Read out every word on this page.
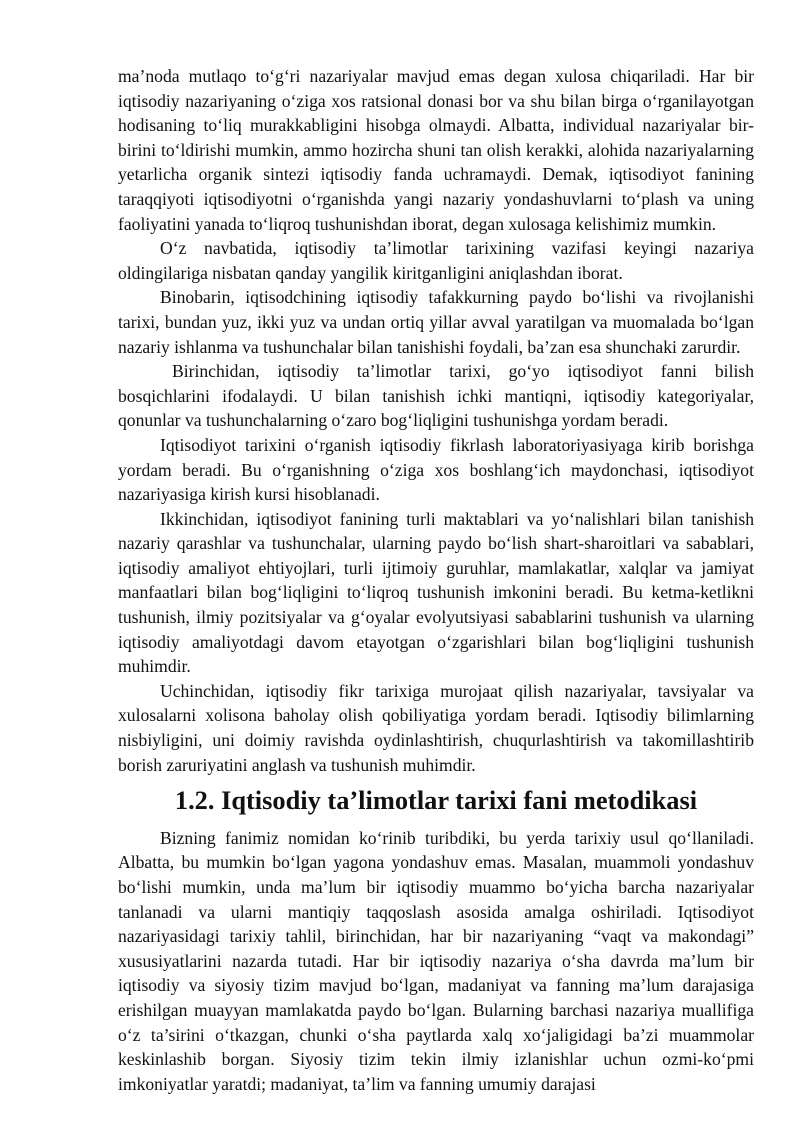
ma’noda mutlaqo to‘g‘ri nazariyalar mavjud emas degan xulosa chiqariladi. Har bir iqtisodiy nazariyaning o‘ziga xos ratsional donasi bor va shu bilan birga o‘rganilayotgan hodisaning to‘liq murakkabligini hisobga olmaydi. Albatta, individual nazariyalar bir-birini to‘ldirishi mumkin, ammo hozircha shuni tan olish kerakki, alohida nazariyalarning yetarlicha organik sintezi iqtisodiy fanda uchramaydi. Demak, iqtisodiyot fanining taraqqiyoti iqtisodiyotni o‘rganishda yangi nazariy yondashuvlarni to‘plash va uning faoliyatini yanada to‘liqroq tushunishdan iborat, degan xulosaga kelishimiz mumkin.

O‘z navbatida, iqtisodiy ta’limotlar tarixining vazifasi keyingi nazariya oldingilariga nisbatan qanday yangilik kiritganligini aniqlashdan iborat.

Binobarin, iqtisodchining iqtisodiy tafakkurning paydo bo‘lishi va rivojlanishi tarixi, bundan yuz, ikki yuz va undan ortiq yillar avval yaratilgan va muomalada bo‘lgan nazariy ishlanma va tushunchalar bilan tanishishi foydali, ba’zan esa shunchaki zarurdir.

Birinchidan, iqtisodiy ta’limotlar tarixi, go‘yo iqtisodiyot fanni bilish bosqichlarini ifodalaydi. U bilan tanishish ichki mantiqni, iqtisodiy kategoriyalar, qonunlar va tushunchalarning o‘zaro bog‘liqligini tushunishga yordam beradi.

Iqtisodiyot tarixini o‘rganish iqtisodiy fikrlash laboratoriyasiyaga kirib borishga yordam beradi. Bu o‘rganishning o‘ziga xos boshlang‘ich maydonchasi, iqtisodiyot nazariyasiga kirish kursi hisoblanadi.

Ikkinchidan, iqtisodiyot fanining turli maktablari va yo‘nalishlari bilan tanishish nazariy qarashlar va tushunchalar, ularning paydo bo‘lish shart-sharoitlari va sabablari, iqtisodiy amaliyot ehtiyojlari, turli ijtimoiy guruhlar, mamlakatlar, xalqlar va jamiyat manfaatlari bilan bog‘liqligini to‘liqroq tushunish imkonini beradi. Bu ketma-ketlikni tushunish, ilmiy pozitsiyalar va g‘oyalar evolyutsiyasi sabablarini tushunish va ularning iqtisodiy amaliyotdagi davom etayotgan o‘zgarishlari bilan bog‘liqligini tushunish muhimdir.

Uchinchidan, iqtisodiy fikr tarixiga murojaat qilish nazariyalar, tavsiyalar va xulosalarni xolisona baholay olish qobiliyatiga yordam beradi. Iqtisodiy bilimlarning nisbiyligini, uni doimiy ravishda oydinlashtirish, chuqurlashtirish va takomillashtirib borish zaruriyatini anglash va tushunish muhimdir.

1.2. Iqtisodiy ta’limotlar tarixi fani metodikasi

Bizning fanimiz nomidan ko‘rinib turibdiki, bu yerda tarixiy usul qo‘llaniladi. Albatta, bu mumkin bo‘lgan yagona yondashuv emas. Masalan, muammoli yondashuv bo‘lishi mumkin, unda ma’lum bir iqtisodiy muammo bo‘yicha barcha nazariyalar tanlanadi va ularni mantiqiy taqqoslash asosida amalga oshiriladi. Iqtisodiyot nazariyasidagi tarixiy tahlil, birinchidan, har bir nazariyaning “vaqt va makondagi” xususiyatlarini nazarda tutadi. Har bir iqtisodiy nazariya o‘sha davrda ma’lum bir iqtisodiy va siyosiy tizim mavjud bo‘lgan, madaniyat va fanning ma’lum darajasiga erishilgan muayyan mamlakatda paydo bo‘lgan. Bularning barchasi nazariya muallifiga o‘z ta’sirini o‘tkazgan, chunki o‘sha paytlarda xalq xo‘jaligidagi ba’zi muammolar keskinlashib borgan. Siyosiy tizim tekin ilmiy izlanishlar uchun ozmi-ko‘pmi imkoniyatlar yaratdi; madaniyat, ta’lim va fanning umumiy darajasi
